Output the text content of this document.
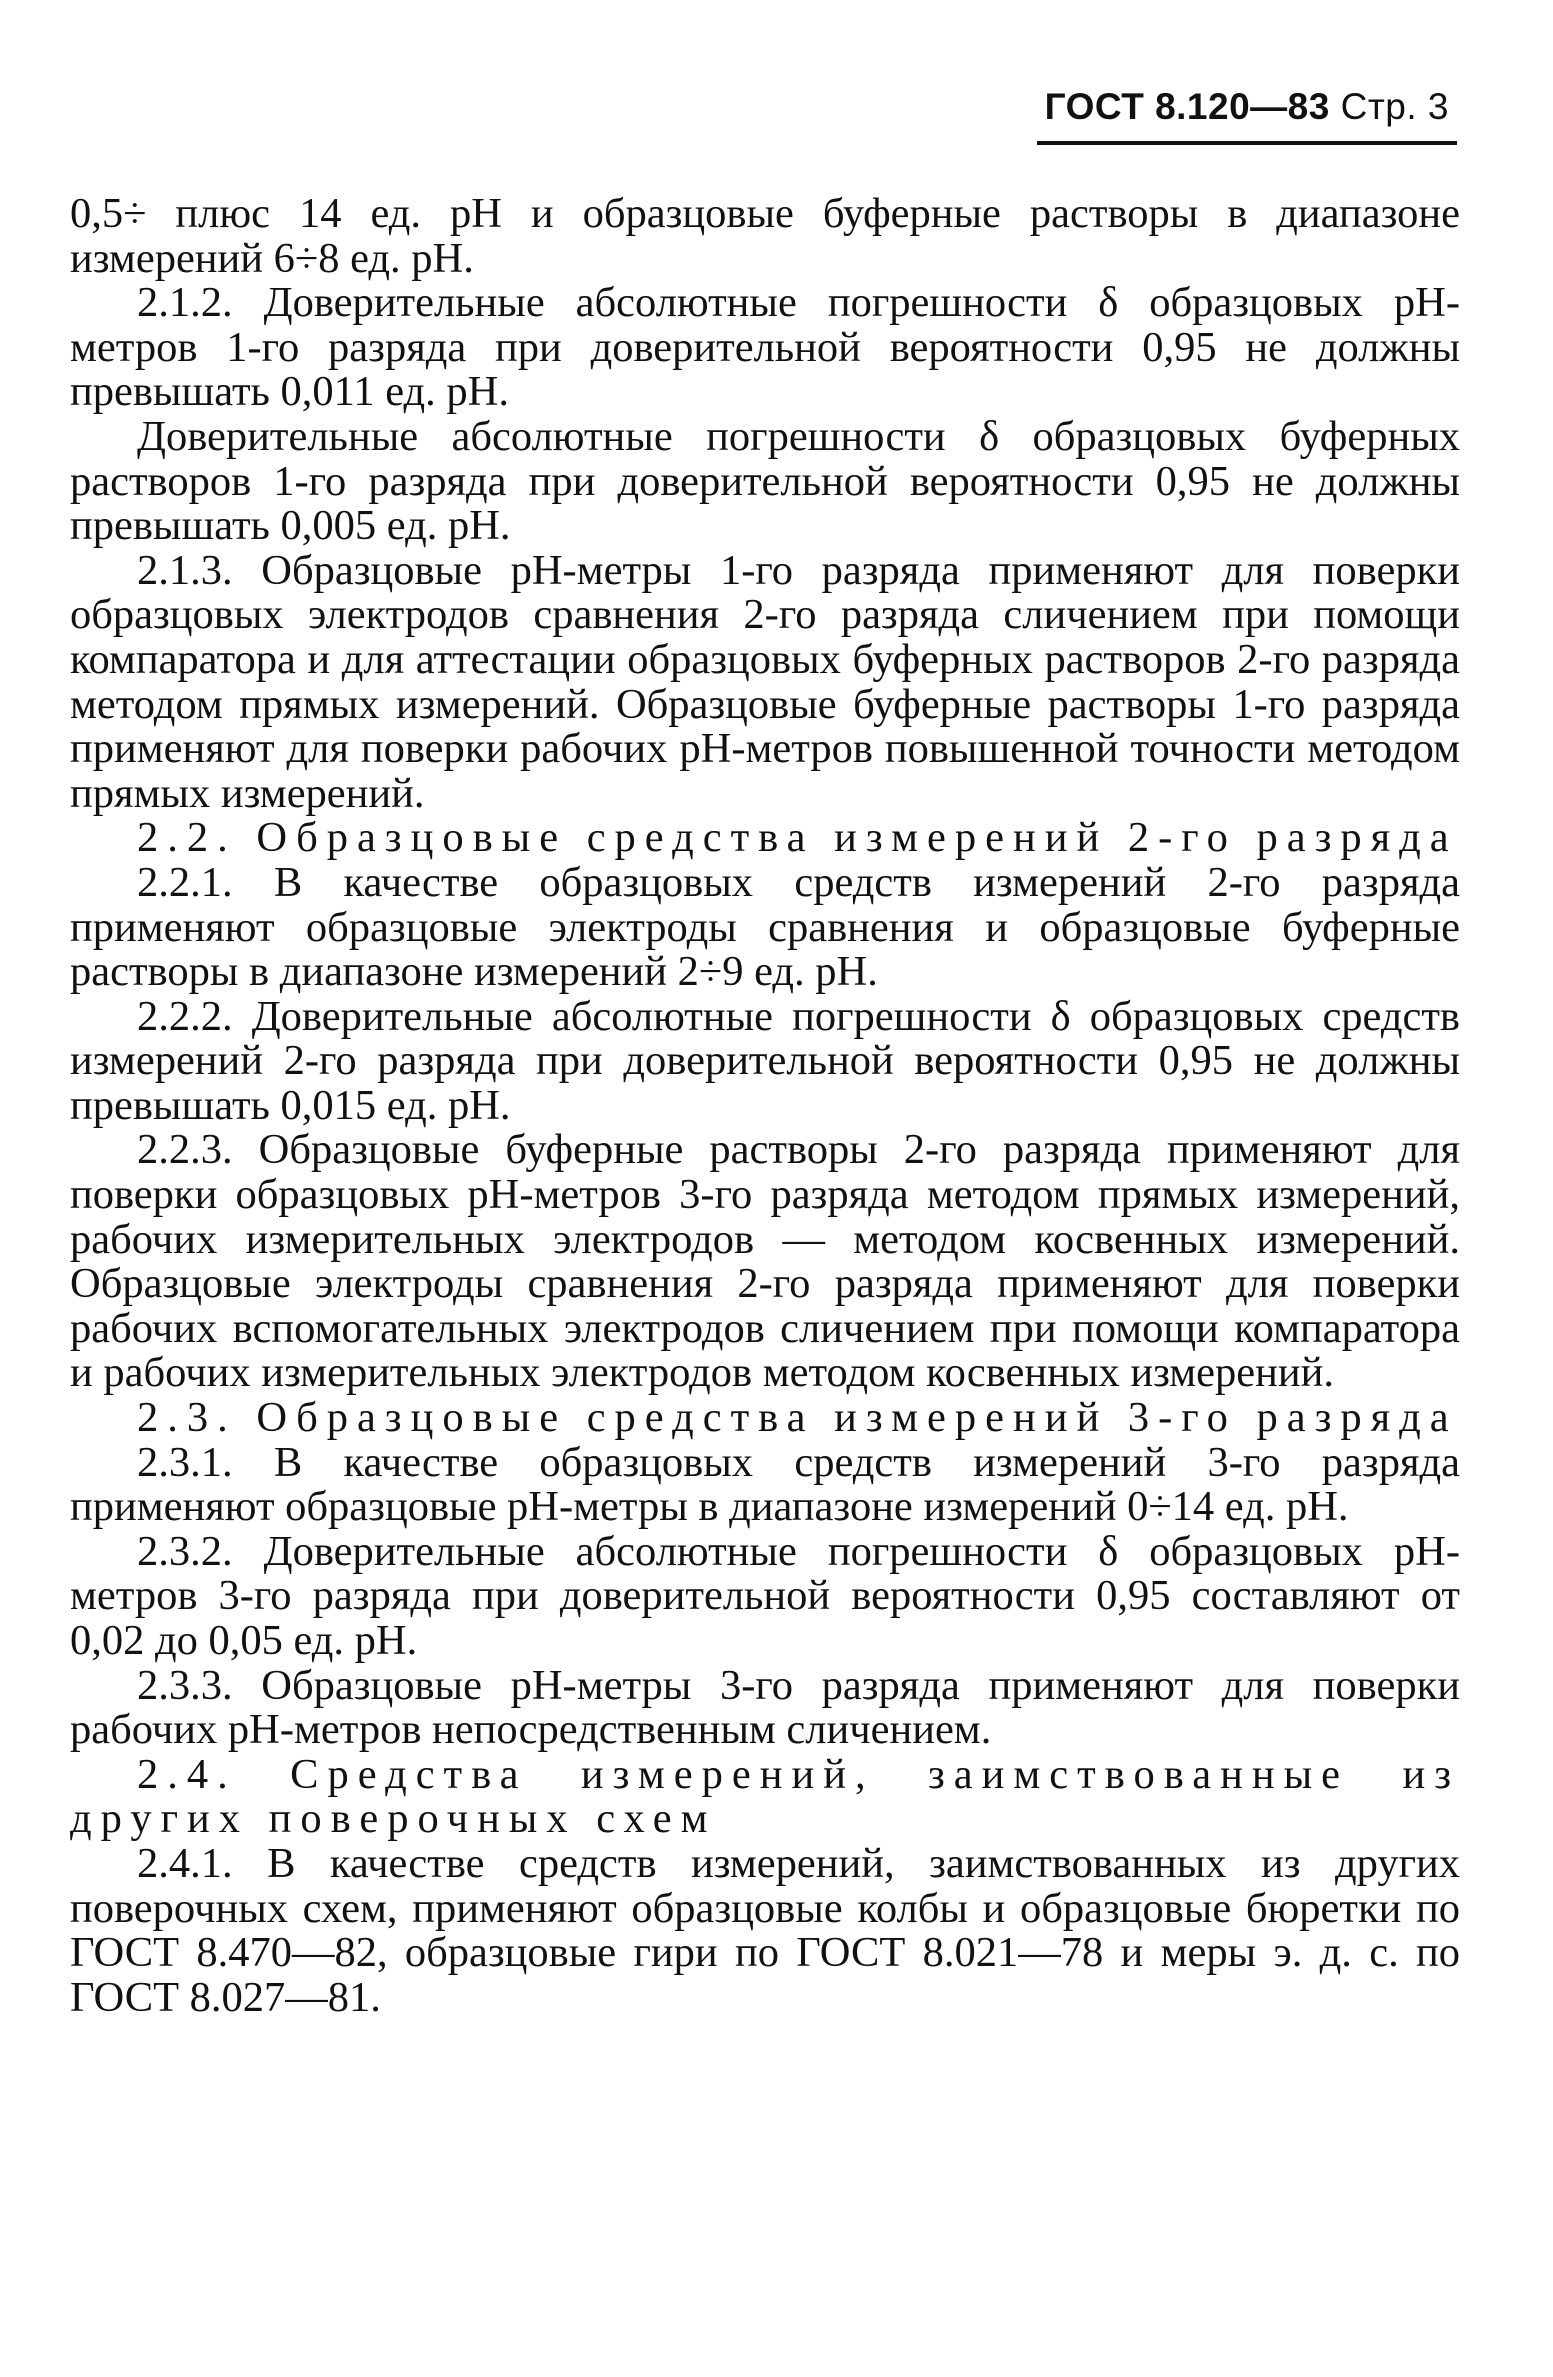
ГОСТ 8.120—83 Стр. 3

0,5÷ плюс 14 ед. pH и образцовые буферные растворы в диапазоне измерений 6÷8 ед. pH.

2.1.2. Доверительные абсолютные погрешности δ образцовых pH-метров 1-го разряда при доверительной вероятности 0,95 не должны превышать 0,011 ед. pH.

Доверительные абсолютные погрешности δ образцовых буферных растворов 1-го разряда при доверительной вероятности 0,95 не должны превышать 0,005 ед. pH.

2.1.3. Образцовые pH-метры 1-го разряда применяют для поверки образцовых электродов сравнения 2-го разряда сличением при помощи компаратора и для аттестации образцовых буферных растворов 2-го разряда методом прямых измерений. Образцовые буферные растворы 1-го разряда применяют для поверки рабочих pH-метров повышенной точности методом прямых измерений.

2.2. Образцовые средства измерений 2-го разряда

2.2.1. В качестве образцовых средств измерений 2-го разряда применяют образцовые электроды сравнения и образцовые буферные растворы в диапазоне измерений 2÷9 ед. pH.

2.2.2. Доверительные абсолютные погрешности δ образцовых средств измерений 2-го разряда при доверительной вероятности 0,95 не должны превышать 0,015 ед. pH.

2.2.3. Образцовые буферные растворы 2-го разряда применяют для поверки образцовых pH-метров 3-го разряда методом прямых измерений, рабочих измерительных электродов — методом косвенных измерений. Образцовые электроды сравнения 2-го разряда применяют для поверки рабочих вспомогательных электродов сличением при помощи компаратора и рабочих измерительных электродов методом косвенных измерений.

2.3. Образцовые средства измерений 3-го разряда

2.3.1. В качестве образцовых средств измерений 3-го разряда применяют образцовые pH-метры в диапазоне измерений 0÷14 ед. pH.

2.3.2. Доверительные абсолютные погрешности δ образцовых pH-метров 3-го разряда при доверительной вероятности 0,95 составляют от 0,02 до 0,05 ед. pH.

2.3.3. Образцовые pH-метры 3-го разряда применяют для поверки рабочих pH-метров непосредственным сличением.

2.4. Средства измерений, заимствованные из других поверочных схем

2.4.1. В качестве средств измерений, заимствованных из других поверочных схем, применяют образцовые колбы и образцовые бюретки по ГОСТ 8.470—82, образцовые гири по ГОСТ 8.021—78 и меры э. д. с. по ГОСТ 8.027—81.
